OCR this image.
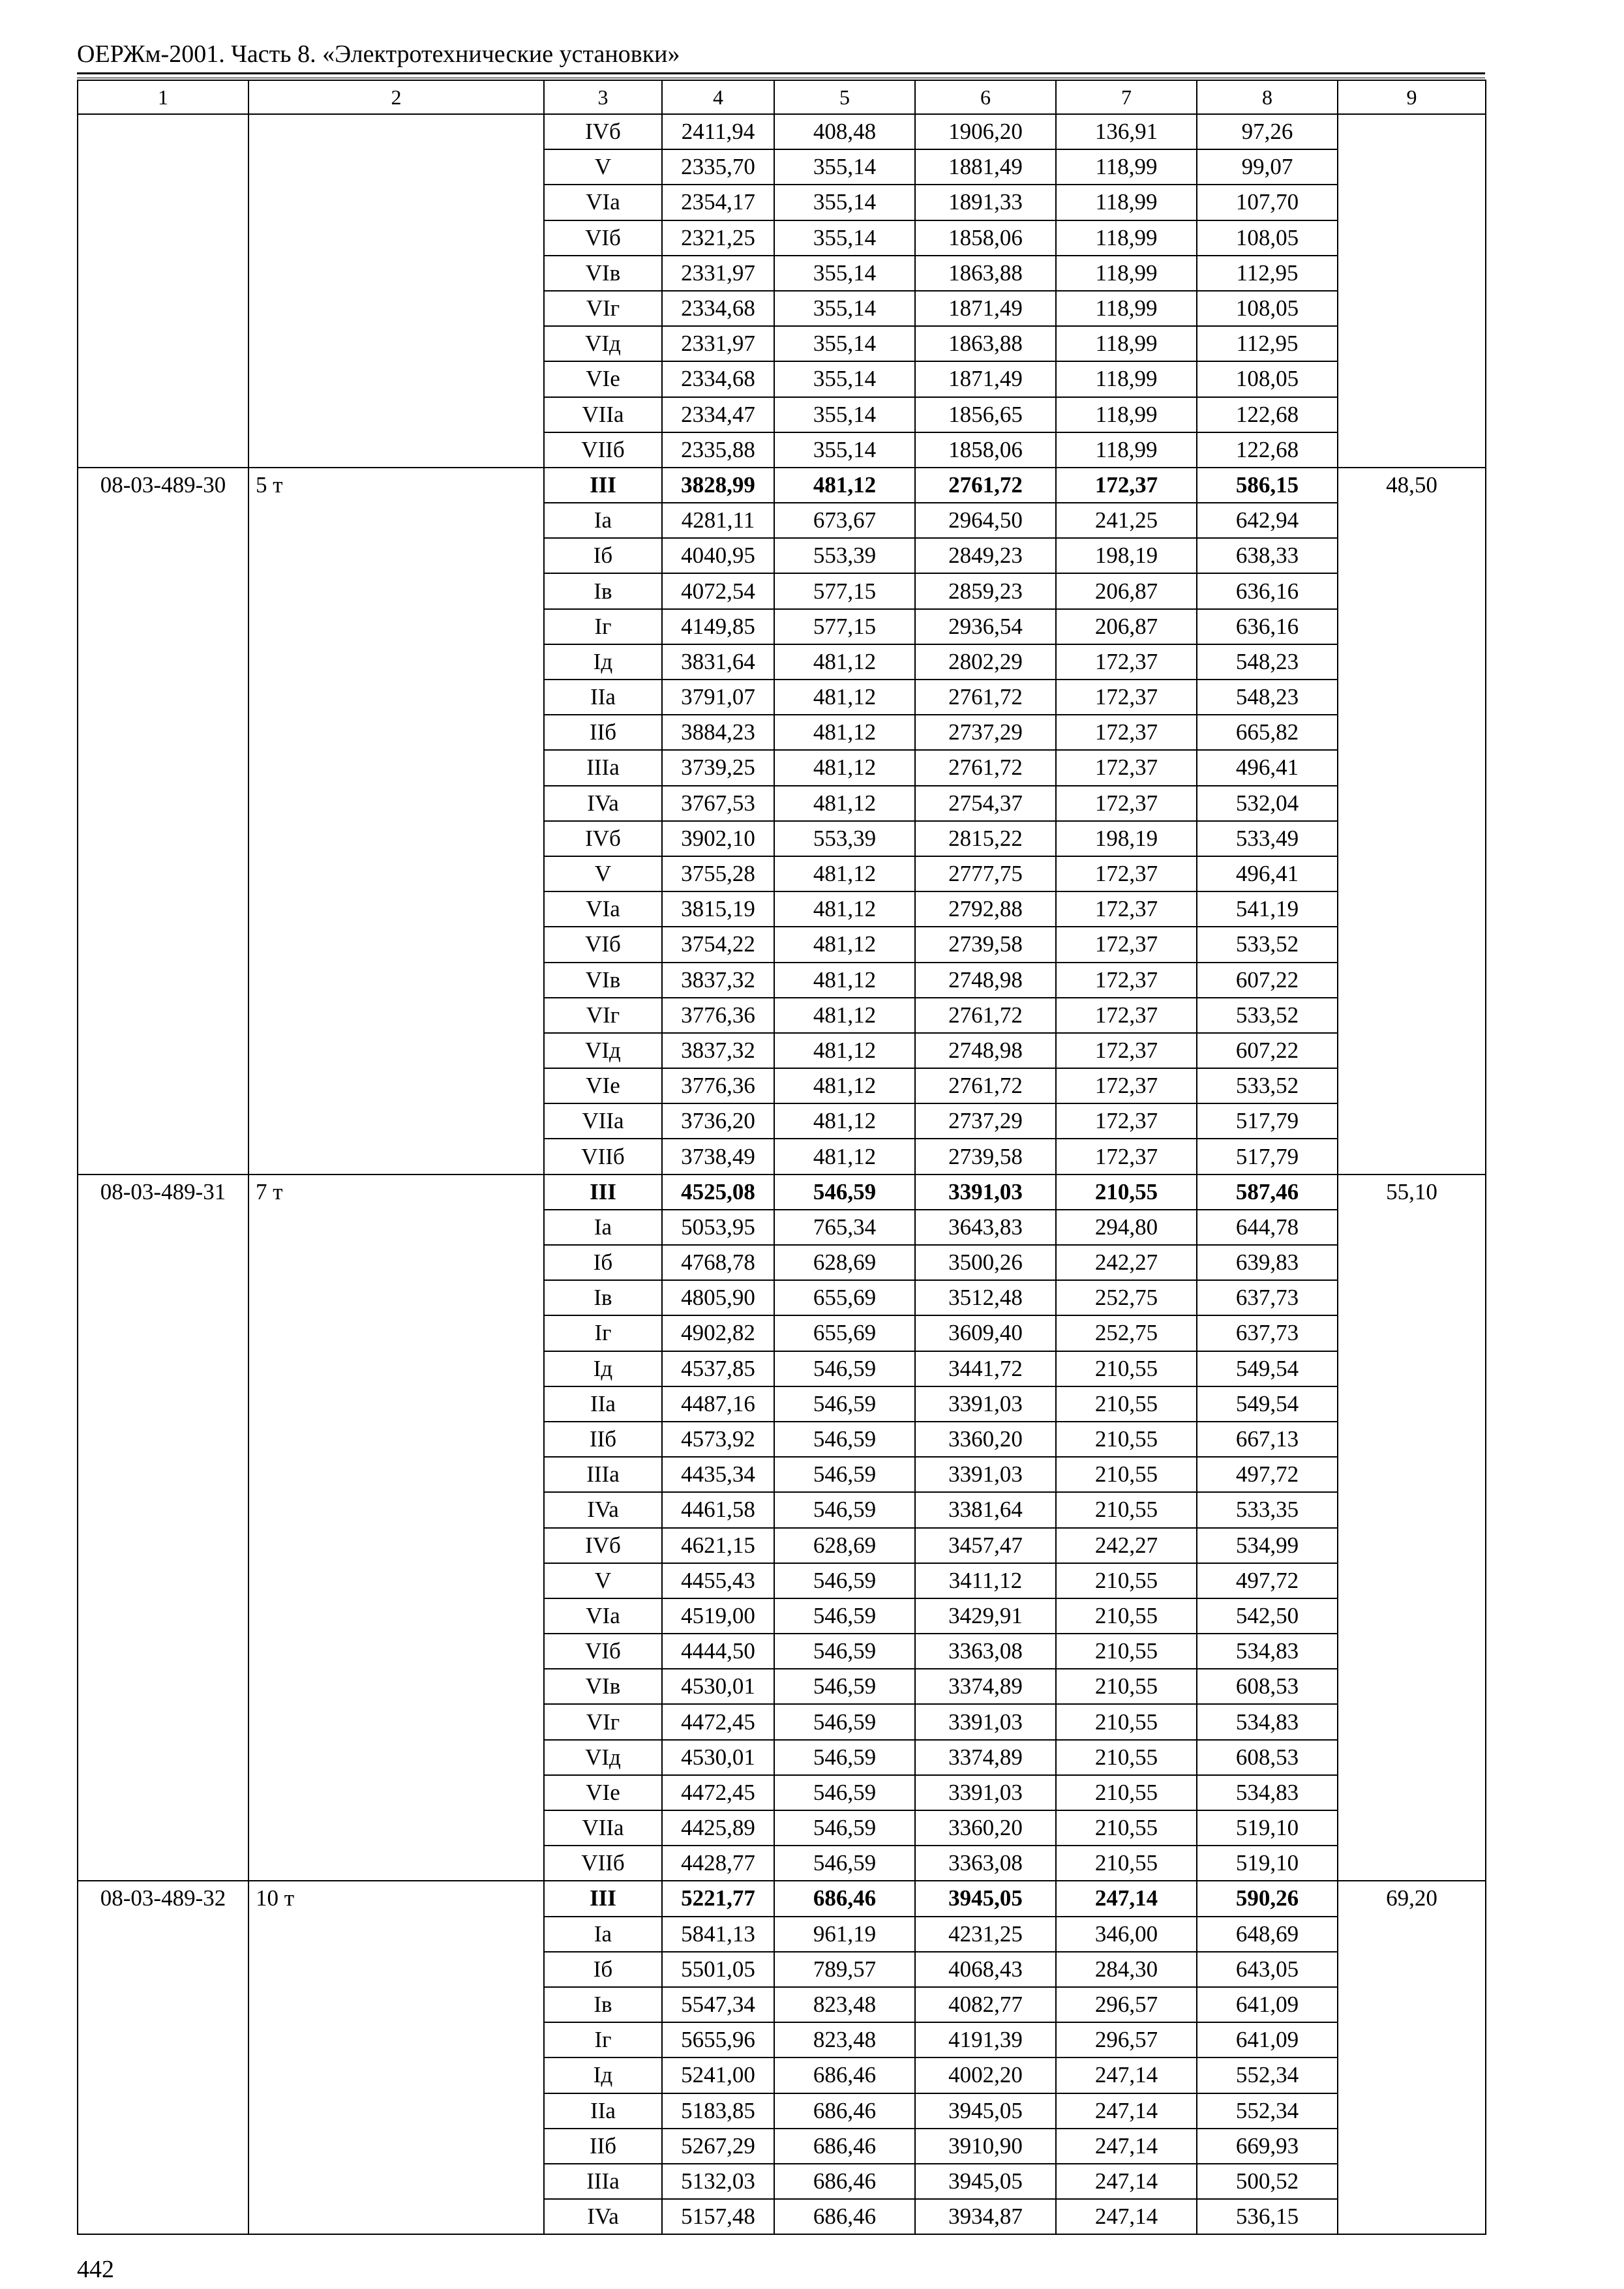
ОЕРЖм-2001. Часть 8. «Электротехнические установки»
1	2	3	4	5	6	7	8	9
		IVб	2411,94	408,48	1906,20	136,91	97,26	
		V	2335,70	355,14	1881,49	118,99	99,07	
		VIa	2354,17	355,14	1891,33	118,99	107,70	
		VIб	2321,25	355,14	1858,06	118,99	108,05	
		VIв	2331,97	355,14	1863,88	118,99	112,95	
		VIг	2334,68	355,14	1871,49	118,99	108,05	
		VIд	2331,97	355,14	1863,88	118,99	112,95	
		VIe	2334,68	355,14	1871,49	118,99	108,05	
		VIIa	2334,47	355,14	1856,65	118,99	122,68	
		VIIб	2335,88	355,14	1858,06	118,99	122,68	
08-03-489-30	5 т	III	3828,99	481,12	2761,72	172,37	586,15	48,50
		Ia	4281,11	673,67	2964,50	241,25	642,94	
		Iб	4040,95	553,39	2849,23	198,19	638,33	
		Iв	4072,54	577,15	2859,23	206,87	636,16	
		Iг	4149,85	577,15	2936,54	206,87	636,16	
		Iд	3831,64	481,12	2802,29	172,37	548,23	
		IIa	3791,07	481,12	2761,72	172,37	548,23	
		IIб	3884,23	481,12	2737,29	172,37	665,82	
		IIIa	3739,25	481,12	2761,72	172,37	496,41	
		IVa	3767,53	481,12	2754,37	172,37	532,04	
		IVб	3902,10	553,39	2815,22	198,19	533,49	
		V	3755,28	481,12	2777,75	172,37	496,41	
		VIa	3815,19	481,12	2792,88	172,37	541,19	
		VIб	3754,22	481,12	2739,58	172,37	533,52	
		VIв	3837,32	481,12	2748,98	172,37	607,22	
		VIг	3776,36	481,12	2761,72	172,37	533,52	
		VIд	3837,32	481,12	2748,98	172,37	607,22	
		VIe	3776,36	481,12	2761,72	172,37	533,52	
		VIIa	3736,20	481,12	2737,29	172,37	517,79	
		VIIб	3738,49	481,12	2739,58	172,37	517,79	
08-03-489-31	7 т	III	4525,08	546,59	3391,03	210,55	587,46	55,10
		Ia	5053,95	765,34	3643,83	294,80	644,78	
		Iб	4768,78	628,69	3500,26	242,27	639,83	
		Iв	4805,90	655,69	3512,48	252,75	637,73	
		Iг	4902,82	655,69	3609,40	252,75	637,73	
		Iд	4537,85	546,59	3441,72	210,55	549,54	
		IIa	4487,16	546,59	3391,03	210,55	549,54	
		IIб	4573,92	546,59	3360,20	210,55	667,13	
		IIIa	4435,34	546,59	3391,03	210,55	497,72	
		IVa	4461,58	546,59	3381,64	210,55	533,35	
		IVб	4621,15	628,69	3457,47	242,27	534,99	
		V	4455,43	546,59	3411,12	210,55	497,72	
		VIa	4519,00	546,59	3429,91	210,55	542,50	
		VIб	4444,50	546,59	3363,08	210,55	534,83	
		VIв	4530,01	546,59	3374,89	210,55	608,53	
		VIг	4472,45	546,59	3391,03	210,55	534,83	
		VIд	4530,01	546,59	3374,89	210,55	608,53	
		VIe	4472,45	546,59	3391,03	210,55	534,83	
		VIIa	4425,89	546,59	3360,20	210,55	519,10	
		VIIб	4428,77	546,59	3363,08	210,55	519,10	
08-03-489-32	10 т	III	5221,77	686,46	3945,05	247,14	590,26	69,20
		Ia	5841,13	961,19	4231,25	346,00	648,69	
		Iб	5501,05	789,57	4068,43	284,30	643,05	
		Iв	5547,34	823,48	4082,77	296,57	641,09	
		Iг	5655,96	823,48	4191,39	296,57	641,09	
		Iд	5241,00	686,46	4002,20	247,14	552,34	
		IIa	5183,85	686,46	3945,05	247,14	552,34	
		IIб	5267,29	686,46	3910,90	247,14	669,93	
		IIIa	5132,03	686,46	3945,05	247,14	500,52	
		IVa	5157,48	686,46	3934,87	247,14	536,15	
442
